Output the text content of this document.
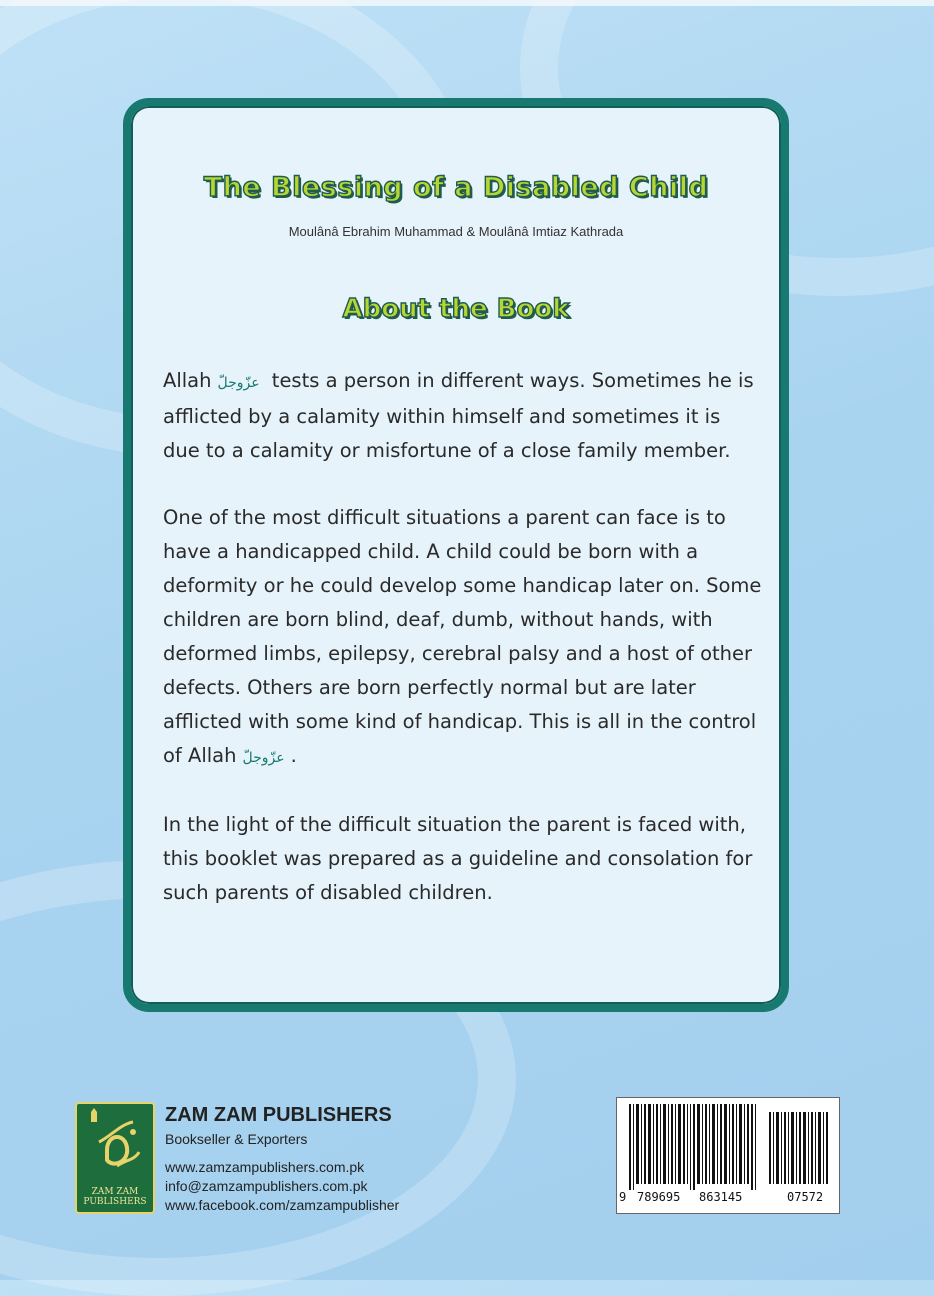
The Blessing of a Disabled Child
Moulânâ Ebrahim Muhammad & Moulânâ Imtiaz Kathrada
About the Book

Allah عزّوجلّ tests a person in different ways. Sometimes he is afflicted by a calamity within himself and sometimes it is due to a calamity or misfortune of a close family member.

One of the most difficult situations a parent can face is to have a handicapped child. A child could be born with a deformity or he could develop some handicap later on. Some children are born blind, deaf, dumb, without hands, with deformed limbs, epilepsy, cerebral palsy and a host of other defects. Others are born perfectly normal but are later afflicted with some kind of handicap. This is all in the control of Allah عزّوجلّ .

In the light of the difficult situation the parent is faced with, this booklet was prepared as a guideline and consolation for such parents of disabled children.

ZAM ZAM
PUBLISHERS
ZAM ZAM PUBLISHERS
Bookseller & Exporters
www.zamzampublishers.com.pk
info@zamzampublishers.com.pk
www.facebook.com/zamzampublisher	9 789695 863145	07572
